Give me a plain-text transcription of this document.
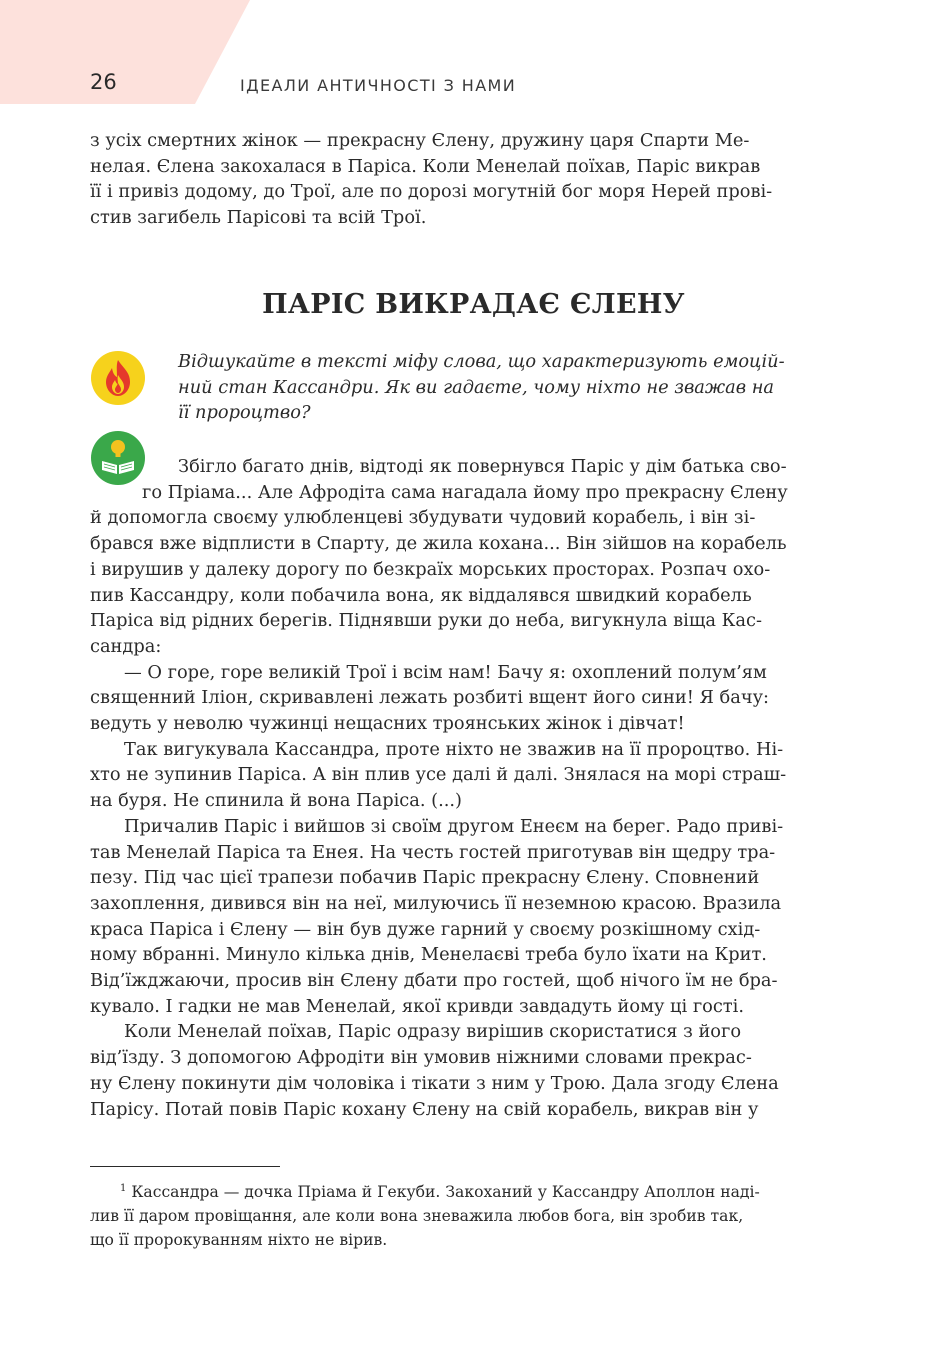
26	ІДЕАЛИ АНТИЧНОСТІ З НАМИ

з усіх смертних жінок — прекрасну Єлену, дружину царя Спарти Ме-

нелая. Єлена закохалася в Паріса. Коли Менелай поїхав, Паріс викрав

її і привіз додому, до Трої, але по дорозі могутній бог моря Нерей прові-

стив загибель Парісові та всій Трої.

ПАРІС ВИКРАДАЄ ЄЛЕНУ
Відшукайте в тексті міфу слова, що характеризують емоцій-
ний стан Кассандри. Як ви гадаєте, чому ніхто не зважав на
її пророцтво?

Збігло багато днів, відтоді як повернувся Паріс у дім батька сво-

го Пріама... Але Афродіта сама нагадала йому про прекрасну Єлену

й допомогла своєму улюбленцеві збудувати чудовий корабель, і він зі-

брався вже відплисти в Спарту, де жила кохана... Він зійшов на корабель

і вирушив у далеку дорогу по безкраїх морських просторах. Розпач охо-

пив Кассандру, коли побачила вона, як віддалявся швидкий корабель

Паріса від рідних берегів. Піднявши руки до неба, вигукнула віща Кас-

сандра:

— О горе, горе великій Трої і всім нам! Бачу я: охоплений полум’ям

священний Іліон, скривавлені лежать розбиті вщент його сини! Я бачу:

ведуть у неволю чужинці нещасних троянських жінок і дівчат!

Так вигукувала Кассандра, проте ніхто не зважив на її пророцтво. Ні-

хто не зупинив Паріса. А він плив усе далі й далі. Знялася на морі страш-

на буря. Не спинила й вона Паріса. (...)

Причалив Паріс і вийшов зі своїм другом Енеєм на берег. Радо приві-

тав Менелай Паріса та Енея. На честь гостей приготував він щедру тра-

пезу. Під час цієї трапези побачив Паріс прекрасну Єлену. Сповнений

захоплення, дивився він на неї, милуючись її неземною красою. Вразила

краса Паріса і Єлену — він був дуже гарний у своєму розкішному схід-

ному вбранні. Минуло кілька днів, Менелаєві треба було їхати на Крит.

Від’їжджаючи, просив він Єлену дбати про гостей, щоб нічого їм не бра-

кувало. І гадки не мав Менелай, якої кривди завдадуть йому ці гості.

Коли Менелай поїхав, Паріс одразу вирішив скористатися з його

від’їзду. З допомогою Афродіти він умовив ніжними словами прекрас-

ну Єлену покинути дім чоловіка і тікати з ним у Трою. Дала згоду Єлена

Парісу. Потай повів Паріс кохану Єлену на свій корабель, викрав він у

$^1$ Кассандра — дочка Пріама й Гекуби. Закоханий у Кассандру Аполлон наді-

лив її даром провіщання, але коли вона зневажила любов бога, він зробив так,

що її пророкуванням ніхто не вірив.
